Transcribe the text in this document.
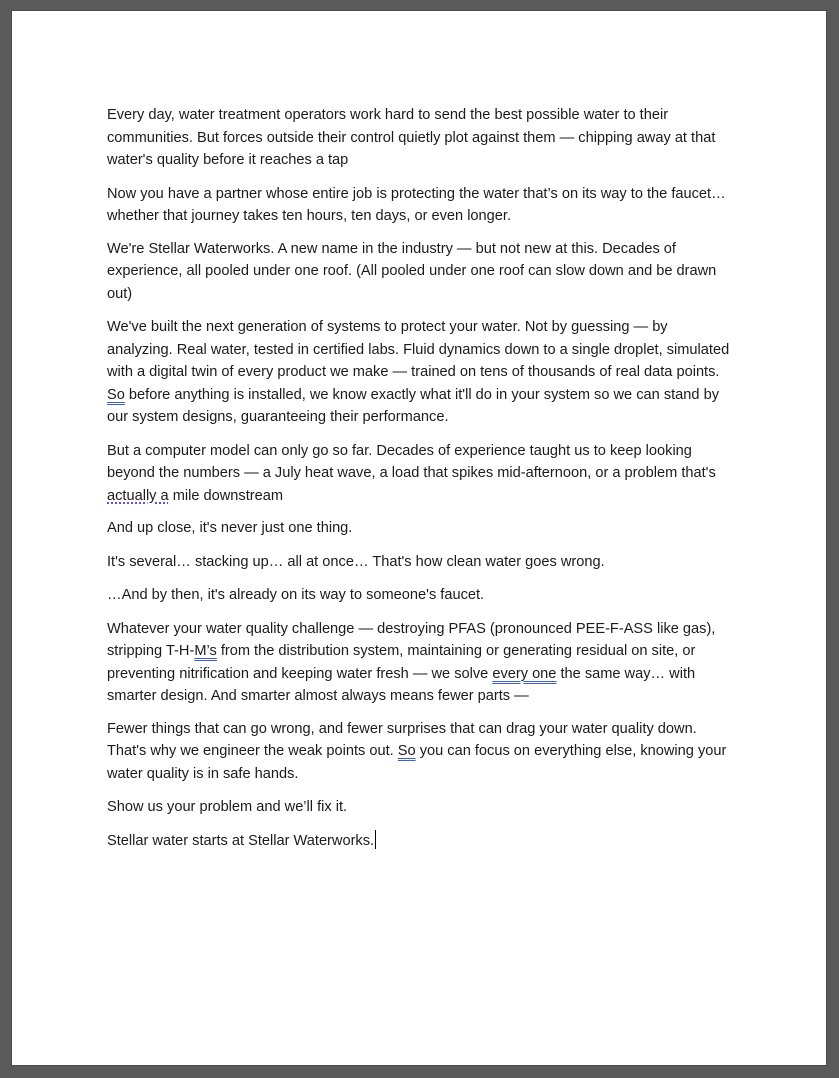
Every day, water treatment operators work hard to send the best possible water to their communities. But forces outside their control quietly plot against them — chipping away at that water's quality before it reaches a tap

Now you have a partner whose entire job is protecting the water that’s on its way to the faucet… whether that journey takes ten hours, ten days, or even longer.

We're Stellar Waterworks. A new name in the industry — but not new at this. Decades of experience, all pooled under one roof. (All pooled under one roof can slow down and be drawn out)

We've built the next generation of systems to protect your water. Not by guessing — by analyzing. Real water, tested in certified labs. Fluid dynamics down to a single droplet, simulated with a digital twin of every product we make — trained on tens of thousands of real data points. So before anything is installed, we know exactly what it'll do in your system so we can stand by our system designs, guaranteeing their performance.

But a computer model can only go so far. Decades of experience taught us to keep looking beyond the numbers — a July heat wave, a load that spikes mid-afternoon, or a problem that's actually a mile downstream

And up close, it's never just one thing.

It's several… stacking up… all at once… That's how clean water goes wrong.

…And by then, it's already on its way to someone's faucet.

Whatever your water quality challenge — destroying PFAS (pronounced PEE-F-ASS like gas), stripping T-H-M’s from the distribution system, maintaining or generating residual on site, or preventing nitrification and keeping water fresh — we solve every one the same way… with smarter design. And smarter almost always means fewer parts —

Fewer things that can go wrong, and fewer surprises that can drag your water quality down. That's why we engineer the weak points out. So you can focus on everything else, knowing your water quality is in safe hands.

Show us your problem and we’ll fix it.

Stellar water starts at Stellar Waterworks.
